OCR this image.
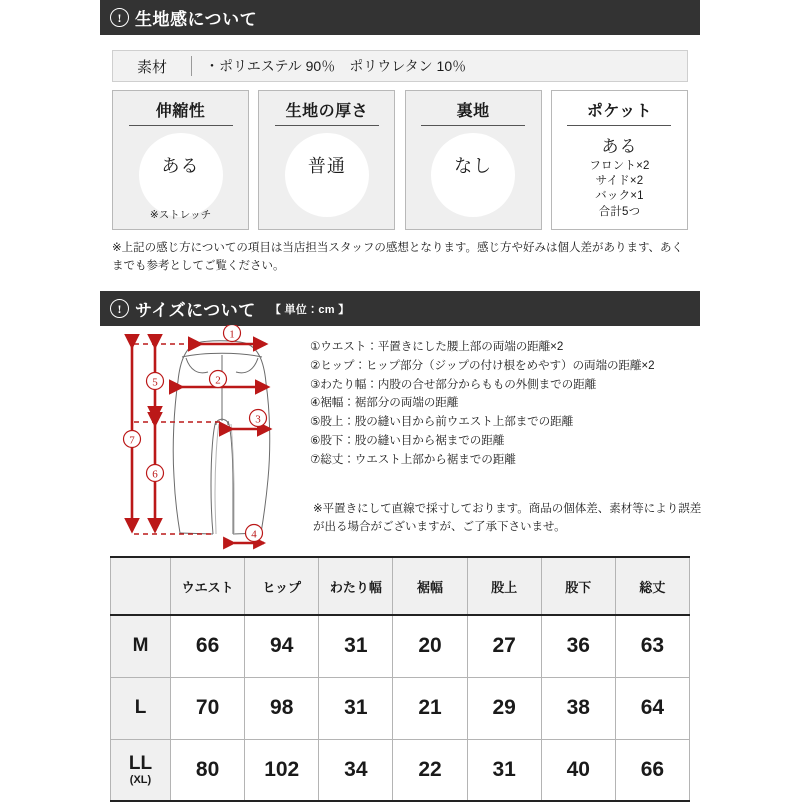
! 生地感について
素材	・ポリエステル 90％　ポリウレタン 10％
伸縮性
ある
※ストレッチ
生地の厚さ
普通
裏地
なし
ポケット
ある
フロント×2
サイド×2
バック×1
合計5つ
※上記の感じ方についての項目は当店担当スタッフの感想となります。感じ方や好みは個人差があります、あくまでも参考としてご覧ください。
! サイズについて 【 単位：cm 】
1
2
3
4
5
6
7
①ウエスト：平置きにした腰上部の両端の距離×2
②ヒップ：ヒップ部分（ジップの付け根をめやす）の両端の距離×2
③わたり幅：内股の合せ部分からももの外側までの距離
④裾幅：裾部分の両端の距離
⑤股上：股の縫い目から前ウエスト上部までの距離
⑥股下：股の縫い目から裾までの距離
⑦総丈：ウエスト上部から裾までの距離
※平置きにして直線で採寸しております。商品の個体差、素材等により誤差が出る場合がございますが、ご了承下さいませ。
	ウエスト	ヒップ	わたり幅	裾幅	股上	股下	総丈

M	66	94	31	20	27	36	63

L	70	98	31	21	29	38	64

LL
(XL)	80	102	34	22	31	40	66
